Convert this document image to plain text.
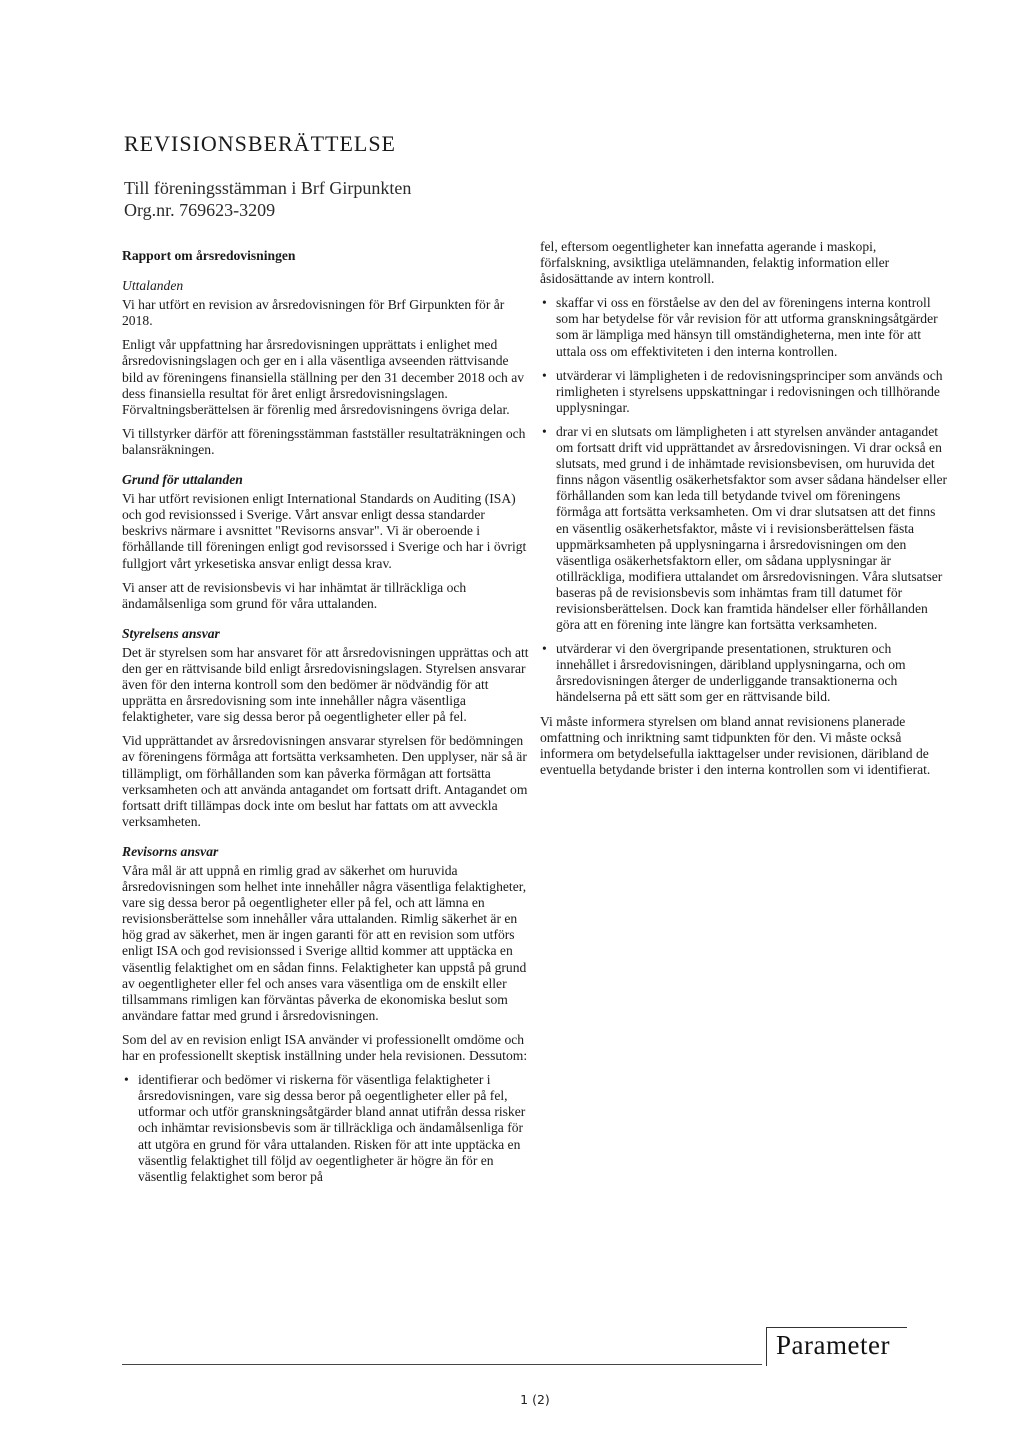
REVISIONSBERÄTTELSE
Till föreningsstämman i Brf Girpunkten
Org.nr. 769623-3209
Rapport om årsredovisningen
Uttalanden

Vi har utfört en revision av årsredovisningen för Brf Girpunkten för år 2018.

Enligt vår uppfattning har årsredovisningen upprättats i enlighet med årsredovisningslagen och ger en i alla väsentliga avseenden rättvisande bild av föreningens finansiella ställning per den 31 december 2018 och av dess finansiella resultat för året enligt årsredovisningslagen. Förvaltningsberättelsen är förenlig med årsredovisningens övriga delar.

Vi tillstyrker därför att föreningsstämman fastställer resultaträkningen och balansräkningen.

Grund för uttalanden

Vi har utfört revisionen enligt International Standards on Auditing (ISA) och god revisionssed i Sverige. Vårt ansvar enligt dessa standarder beskrivs närmare i avsnittet "Revisorns ansvar". Vi är oberoende i förhållande till föreningen enligt god revisorssed i Sverige och har i övrigt fullgjort vårt yrkesetiska ansvar enligt dessa krav.

Vi anser att de revisionsbevis vi har inhämtat är tillräckliga och ändamålsenliga som grund för våra uttalanden.

Styrelsens ansvar

Det är styrelsen som har ansvaret för att årsredovisningen upprättas och att den ger en rättvisande bild enligt årsredovisningslagen. Styrelsen ansvarar även för den interna kontroll som den bedömer är nödvändig för att upprätta en årsredovisning som inte innehåller några väsentliga felaktigheter, vare sig dessa beror på oegentligheter eller på fel.

Vid upprättandet av årsredovisningen ansvarar styrelsen för bedömningen av föreningens förmåga att fortsätta verksamheten. Den upplyser, när så är tillämpligt, om förhållanden som kan påverka förmågan att fortsätta verksamheten och att använda antagandet om fortsatt drift. Antagandet om fortsatt drift tillämpas dock inte om beslut har fattats om att avveckla verksamheten.

Revisorns ansvar

Våra mål är att uppnå en rimlig grad av säkerhet om huruvida årsredovisningen som helhet inte innehåller några väsentliga felaktigheter, vare sig dessa beror på oegentligheter eller på fel, och att lämna en revisionsberättelse som innehåller våra uttalanden. Rimlig säkerhet är en hög grad av säkerhet, men är ingen garanti för att en revision som utförs enligt ISA och god revisionssed i Sverige alltid kommer att upptäcka en väsentlig felaktighet om en sådan finns. Felaktigheter kan uppstå på grund av oegentligheter eller fel och anses vara väsentliga om de enskilt eller tillsammans rimligen kan förväntas påverka de ekonomiska beslut som användare fattar med grund i årsredovisningen.

Som del av en revision enligt ISA använder vi professionellt omdöme och har en professionellt skeptisk inställning under hela revisionen. Dessutom:

• identifierar och bedömer vi riskerna för väsentliga felaktigheter i årsredovisningen, vare sig dessa beror på oegentligheter eller på fel, utformar och utför granskningsåtgärder bland annat utifrån dessa risker och inhämtar revisionsbevis som är tillräckliga och ändamålsenliga för att utgöra en grund för våra uttalanden. Risken för att inte upptäcka en väsentlig felaktighet till följd av oegentligheter är högre än för en väsentlig felaktighet som beror på

fel, eftersom oegentligheter kan innefatta agerande i maskopi, förfalskning, avsiktliga utelämnanden, felaktig information eller åsidosättande av intern kontroll.

• skaffar vi oss en förståelse av den del av föreningens interna kontroll som har betydelse för vår revision för att utforma granskningsåtgärder som är lämpliga med hänsyn till omständigheterna, men inte för att uttala oss om effektiviteten i den interna kontrollen.
• utvärderar vi lämpligheten i de redovisningsprinciper som används och rimligheten i styrelsens uppskattningar i redovisningen och tillhörande upplysningar.
• drar vi en slutsats om lämpligheten i att styrelsen använder antagandet om fortsatt drift vid upprättandet av årsredovisningen. Vi drar också en slutsats, med grund i de inhämtade revisionsbevisen, om huruvida det finns någon väsentlig osäkerhetsfaktor som avser sådana händelser eller förhållanden som kan leda till betydande tvivel om föreningens förmåga att fortsätta verksamheten. Om vi drar slutsatsen att det finns en väsentlig osäkerhetsfaktor, måste vi i revisionsberättelsen fästa uppmärksamheten på upplysningarna i årsredovisningen om den väsentliga osäkerhetsfaktorn eller, om sådana upplysningar är otillräckliga, modifiera uttalandet om årsredovisningen. Våra slutsatser baseras på de revisionsbevis som inhämtas fram till datumet för revisionsberättelsen. Dock kan framtida händelser eller förhållanden göra att en förening inte längre kan fortsätta verksamheten.
• utvärderar vi den övergripande presentationen, strukturen och innehållet i årsredovisningen, däribland upplysningarna, och om årsredovisningen återger de underliggande transaktionerna och händelserna på ett sätt som ger en rättvisande bild.

Vi måste informera styrelsen om bland annat revisionens planerade omfattning och inriktning samt tidpunkten för den. Vi måste också informera om betydelsefulla iakttagelser under revisionen, däribland de eventuella betydande brister i den interna kontrollen som vi identifierat.

Parameter
1 (2)
